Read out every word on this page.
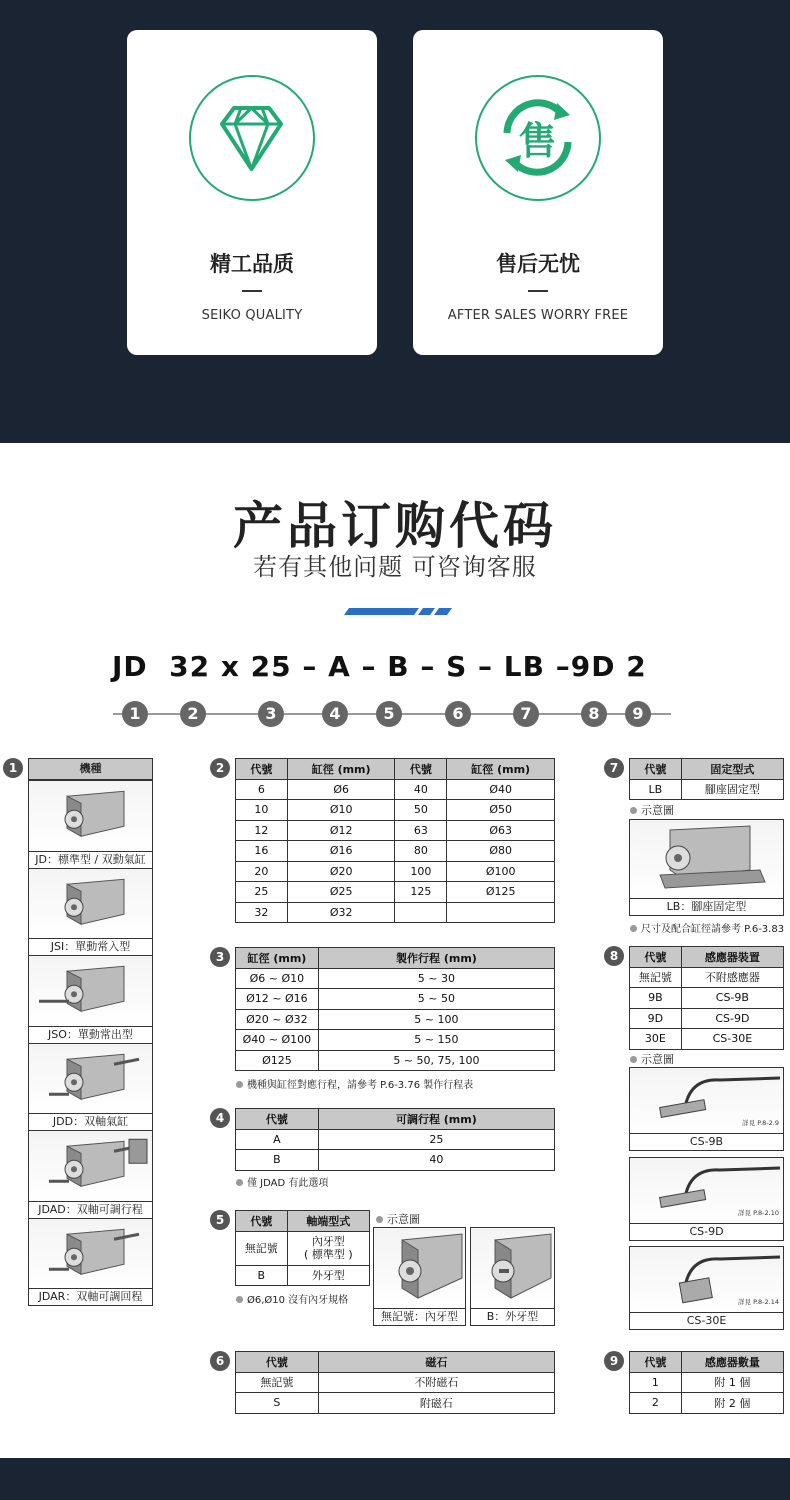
精工品质
SEIKO QUALITY
售
售后无忧
AFTER SALES WORRY FREE
产品订购代码
若有其他问题 可咨询客服
JD  32 x 25 – A – B – S – LB –9D 2
1	2	3	4	5	6	7	8	9
1	機種
JD：標準型 / 双動氣缸
JSI：單動常入型
JSO：單動常出型
JDD：双軸氣缸
JDAD：双軸可調行程
JDAR：双軸可調回程
2	代號	缸徑 (mm)	代號	缸徑 (mm)
6	Ø6	40	Ø40
10	Ø10	50	Ø50
12	Ø12	63	Ø63
16	Ø16	80	Ø80
20	Ø20	100	Ø100
25	Ø25	125	Ø125
32	Ø32		
3	缸徑 (mm)	製作行程 (mm)
Ø6 ~ Ø10	5 ~ 30
Ø12 ~ Ø16	5 ~ 50
Ø20 ~ Ø32	5 ~ 100
Ø40 ~ Ø100	5 ~ 150
Ø125	5 ~ 50, 75, 100
機種與缸徑對應行程，請參考 P.6-3.76 製作行程表
4	代號	可調行程 (mm)
A	25
B	40
僅 JDAD 有此選項
5	代號	軸端型式
無記號	內牙型
( 標準型 )
B	外牙型
Ø6,Ø10 沒有內牙規格
示意圖
無記號：內牙型	B：外牙型
6	代號	磁石
無記號	不附磁石
S	附磁石
7	代號	固定型式
LB	腳座固定型
示意圖
LB：腳座固定型
尺寸及配合缸徑請參考 P.6-3.83
8	代號	感應器裝置
無記號	不附感應器
9B	CS-9B
9D	CS-9D
30E	CS-30E
示意圖
詳見 P.8-2.9
CS-9B
詳見 P.8-2.10
CS-9D
詳見 P.8-2.14
CS-30E
9	代號	感應器數量
1	附 1 個
2	附 2 個
